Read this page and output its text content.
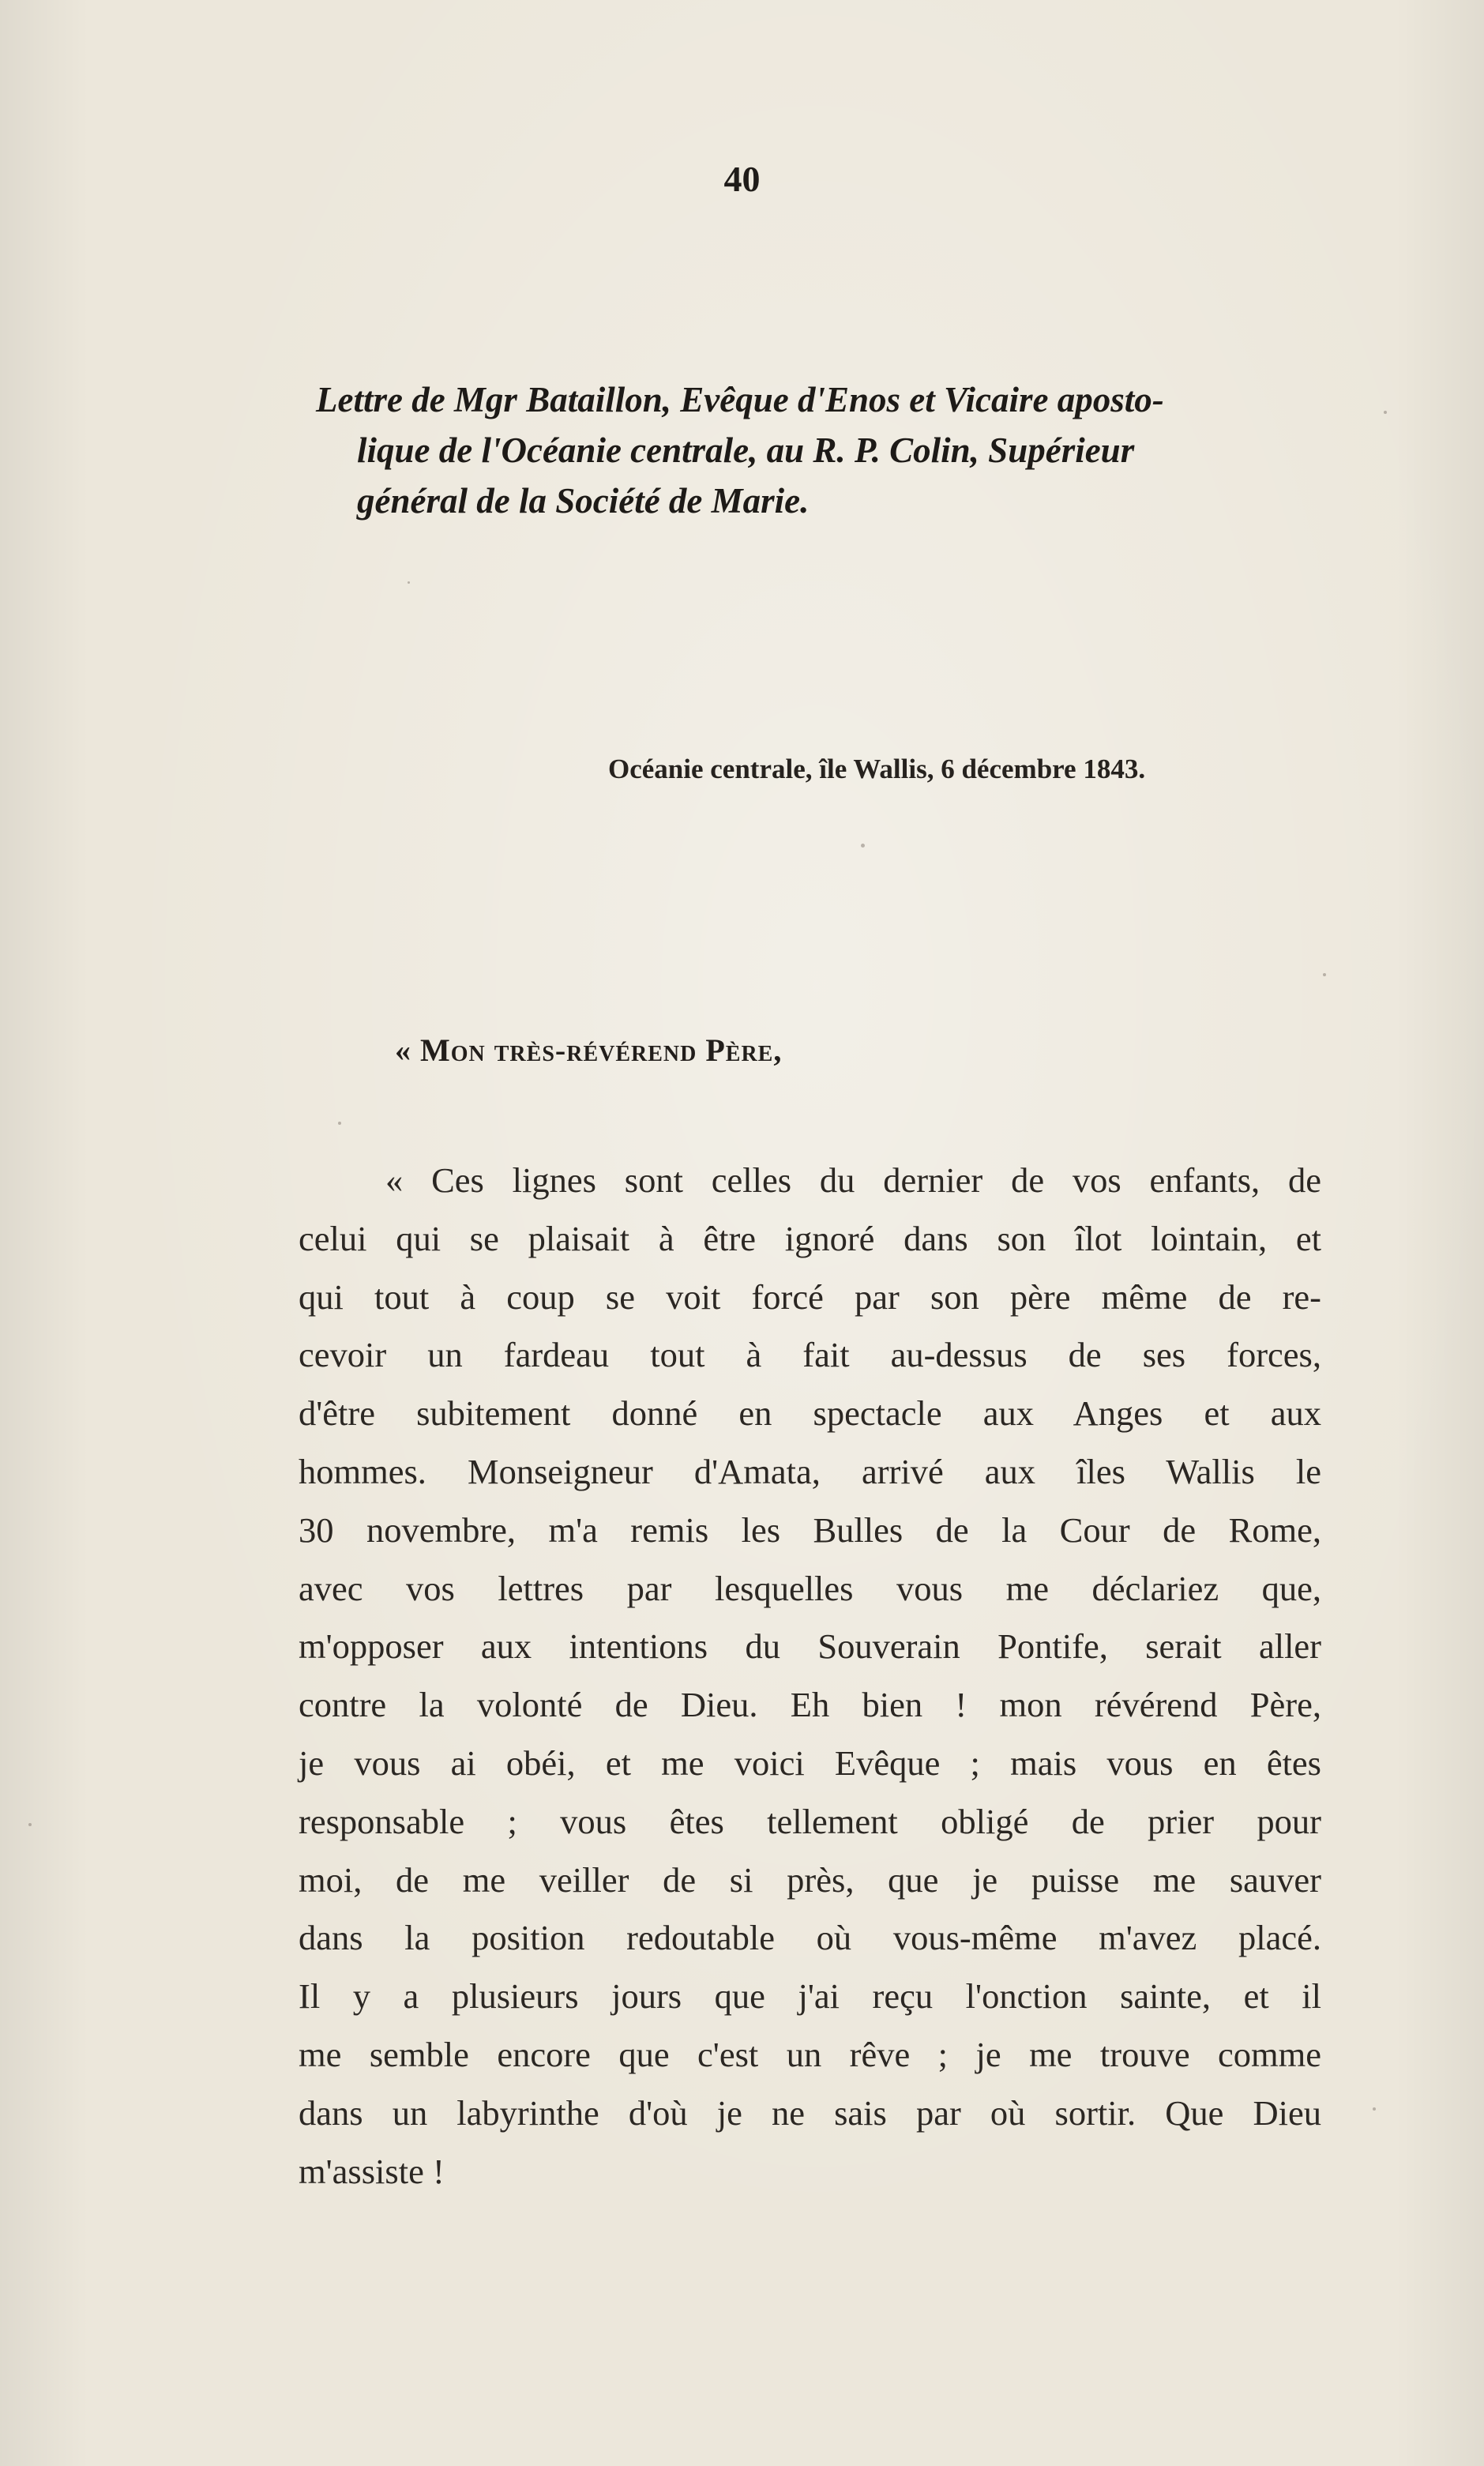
40
Lettre de Mgr Bataillon, Evêque d'Enos et Vicaire aposto-
lique de l'Océanie centrale, au R. P. Colin, Supérieur
général de la Société de Marie.
Océanie centrale, île Wallis, 6 décembre 1843.
« Mon très-révérend Père,
« Ces lignes sont celles du dernier de vos enfants, de
celui qui se plaisait à être ignoré dans son îlot lointain, et
qui tout à coup se voit forcé par son père même de re-
cevoir un fardeau tout à fait au-dessus de ses forces,
d'être subitement donné en spectacle aux Anges et aux
hommes. Monseigneur d'Amata, arrivé aux îles Wallis le
30 novembre, m'a remis les Bulles de la Cour de Rome,
avec vos lettres par lesquelles vous me déclariez que,
m'opposer aux intentions du Souverain Pontife, serait aller
contre la volonté de Dieu. Eh bien ! mon révérend Père,
je vous ai obéi, et me voici Evêque ; mais vous en êtes
responsable ; vous êtes tellement obligé de prier pour
moi, de me veiller de si près, que je puisse me sauver
dans la position redoutable où vous-même m'avez placé.
Il y a plusieurs jours que j'ai reçu l'onction sainte, et il
me semble encore que c'est un rêve ; je me trouve comme
dans un labyrinthe d'où je ne sais par où sortir. Que Dieu
m'assiste !
